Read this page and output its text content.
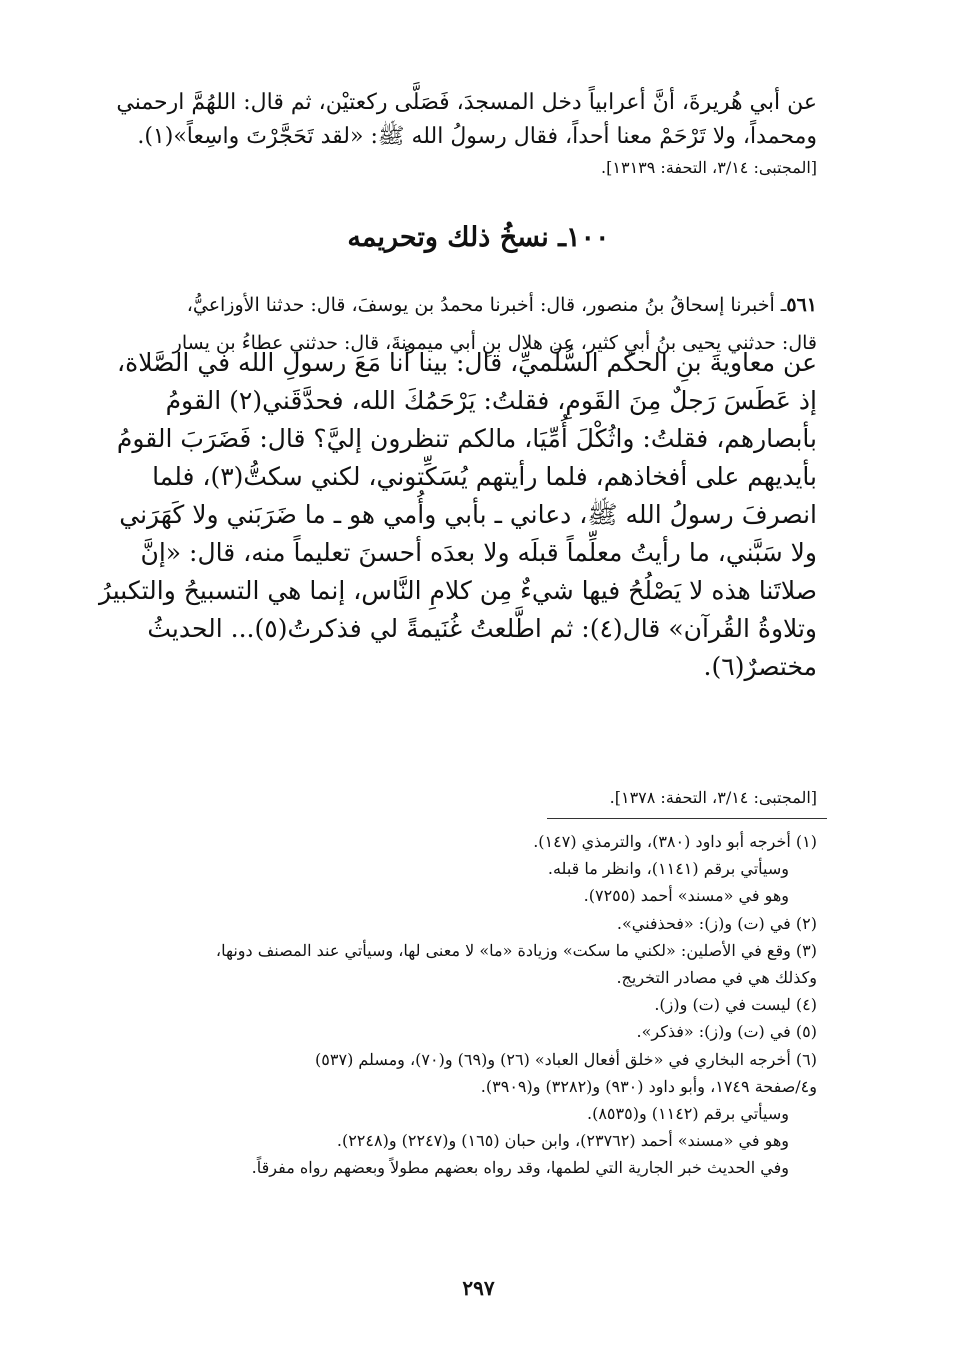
عن أبي هُريرةَ، أنَّ أعرابياً دخل المسجدَ، فَصَلَّى ركعتيْن، ثم قال: اللهُمَّ ارحمني
ومحمداً، ولا تَرْحَمْ معنا أحداً، فقال رسولُ الله ﷺ: «لقد تَحَجَّرْتَ واسِعاً»(١).
[المجتبى: ٣/١٤، التحفة: ١٣١٣٩].
١٠٠ـ نسخُ ذلك وتحريمه
٥٦١ـ أخبرنا إسحاقُ بنُ منصور، قال: أخبرنا محمدُ بن يوسفَ، قال: حدثنا الأوزاعيُّ،
قال: حدثني يحيى بنُ أبي كثير، عن هلال بنِ أبي ميمونةَ، قال: حدثني عطاءُ بن يسار
عن معاويةَ بنِ الحكم السُّلَميِّ، قال: بينا أنا مَعَ رسولِ الله في الصَّلاة،
إذ عَطَسَ رَجلٌ مِنَ القَومِ، فقلتُ: يَرْحَمُكَ الله، فحدَّقَني(٢) القومُ
بأبصارهم، فقلتُ: واثُكْلَ أُمِّيَا، مالكم تنظرون إليَّ؟ قال: فَضَرَبَ القومُ
بأيديهم على أفخاذهم، فلما رأيتهم يُسَكِّتوني، لكني سكتُّ(٣)، فلما
انصرفَ رسولُ الله ﷺ، دعاني ـ بأبي وأُمي هو ـ ما ضَرَبَني ولا كَهَرَني
ولا سَبَّني، ما رأيتُ معلِّماً قبلَه ولا بعدَه أحسنَ تعليماً منه، قال: «إنَّ
صلاتَنا هذه لا يَصْلُحُ فيها شيءٌ مِن كلامِ النَّاس، إنما هي التسبيحُ والتكبيرُ
وتلاوةُ القُرآن» قال(٤): ثم اطَّلعتُ غُنَيمةً لي فذكرتُ(٥)... الحديثُ
مختصرٌ(٦).
[المجتبى: ٣/١٤، التحفة: ١٣٧٨].
(١) أخرجه أبو داود (٣٨٠)، والترمذي (١٤٧).
وسيأتي برقم (١١٤١)، وانظر ما قبله.
وهو في «مسند» أحمد (٧٢٥٥).
(٢) في (ت) و(ز): «فحذفني».
(٣) وقع في الأصلين: «لكني ما سكت» وزيادة «ما» لا معنى لها، وسيأتي عند المصنف دونها،
وكذلك هي في مصادر التخريج.
(٤) ليست في (ت) و(ز).
(٥) في (ت) و(ز): «فذكر».
(٦) أخرجه البخاري في «خلق أفعال العباد» (٢٦) و(٦٩) و(٧٠)، ومسلم (٥٣٧)
و٤/صفحة ١٧٤٩، وأبو داود (٩٣٠) و(٣٢٨٢) و(٣٩٠٩).
وسيأتي برقم (١١٤٢) و(٨٥٣٥).
وهو في «مسند» أحمد (٢٣٧٦٢)، وابن حبان (١٦٥) و(٢٢٤٧) و(٢٢٤٨).
وفي الحديث خبر الجارية التي لطمها، وقد رواه بعضهم مطولاً وبعضهم رواه مفرقاً.
٢٩٧
